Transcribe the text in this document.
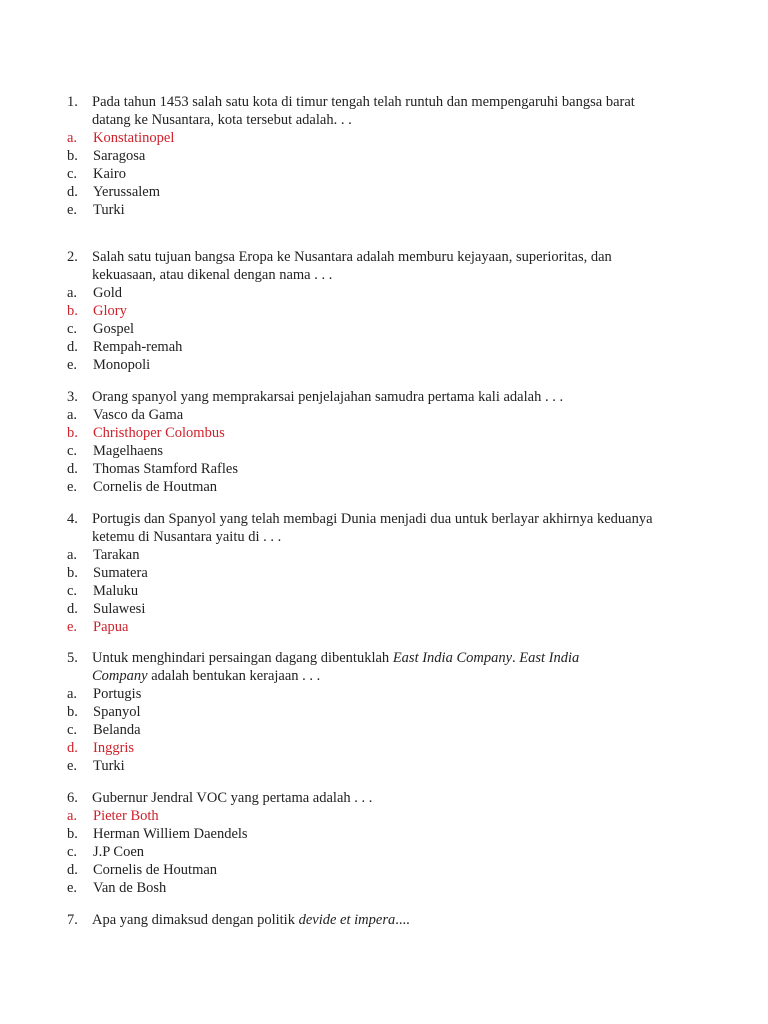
1. Pada tahun 1453 salah satu kota di timur tengah telah runtuh dan mempengaruhi bangsa barat
datang ke Nusantara, kota tersebut adalah. . .
a.	Konstatinopel
b.	Saragosa
c.	Kairo
d.	Yerussalem
e.	Turki
2. Salah satu tujuan bangsa Eropa ke Nusantara adalah memburu kejayaan, superioritas, dan
kekuasaan, atau dikenal dengan nama . . .
a.	Gold
b.	Glory
c.	Gospel
d.	Rempah-remah
e.	Monopoli
3. Orang spanyol yang memprakarsai penjelajahan samudra pertama kali adalah . . .
a.	Vasco da Gama
b.	Christhoper Colombus
c.	Magelhaens
d.	Thomas Stamford Rafles
e.	Cornelis de Houtman
4. Portugis dan Spanyol yang telah membagi Dunia menjadi dua untuk berlayar akhirnya keduanya
ketemu di Nusantara yaitu di . . .
a.	Tarakan
b.	Sumatera
c.	Maluku
d.	Sulawesi
e.	Papua
5. Untuk menghindari persaingan dagang dibentuklah East India Company. East India
Company adalah bentukan kerajaan . . .
a.	Portugis
b.	Spanyol
c.	Belanda
d.	Inggris
e.	Turki
6. Gubernur Jendral VOC yang pertama adalah . . .
a.	Pieter Both
b.	Herman Williem Daendels
c.	J.P Coen
d.	Cornelis de Houtman
e.	Van de Bosh
7. Apa yang dimaksud dengan politik devide et impera....
